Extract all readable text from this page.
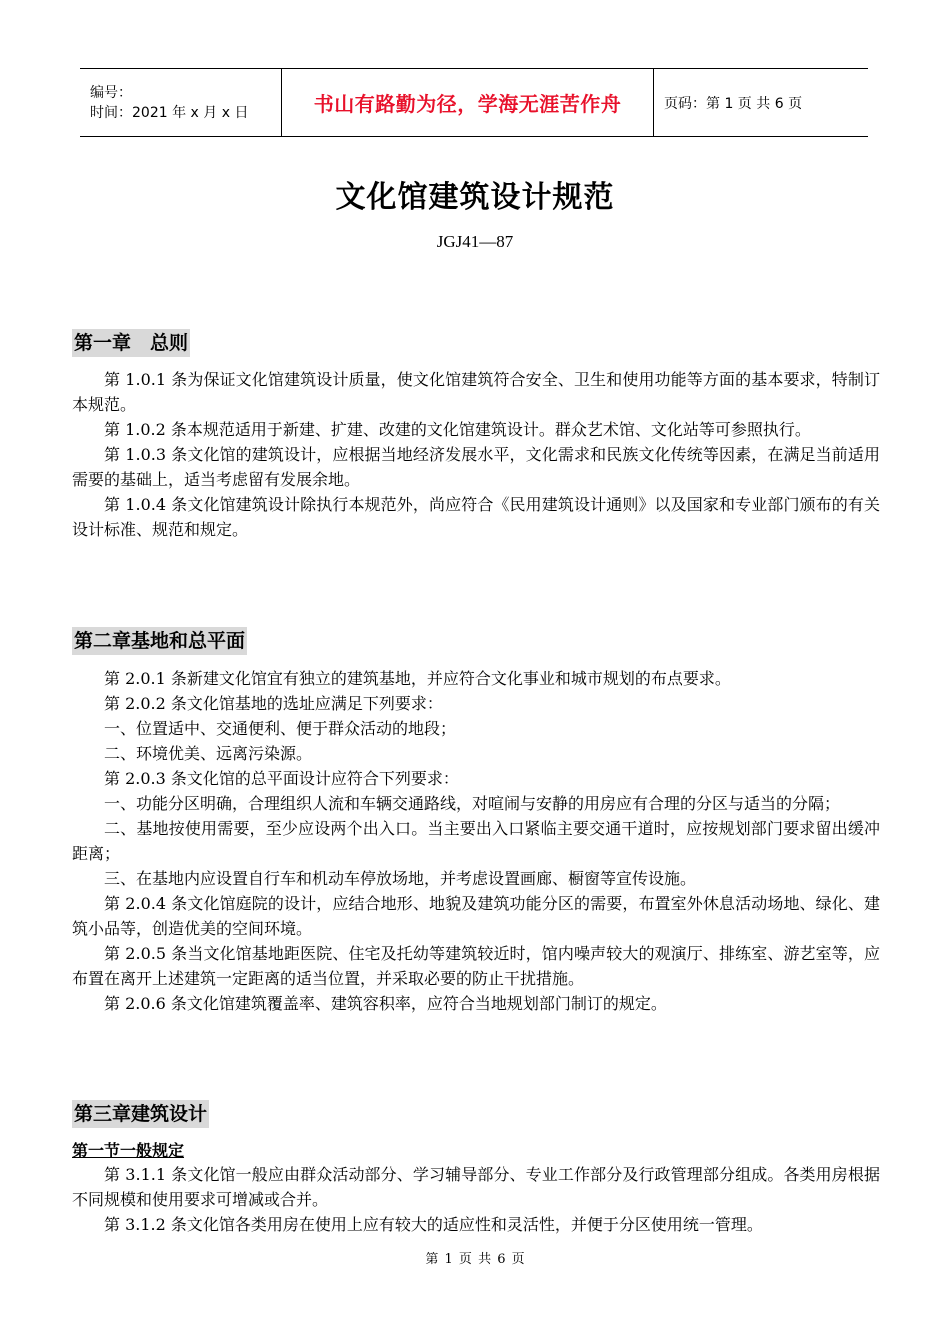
编号：
时间：2021 年 x 月 x 日	书山有路勤为径，学海无涯苦作舟	页码：第 1 页 共 6 页
文化馆建筑设计规范
JGJ41—87
第一章　总则

第 1.0.1 条为保证文化馆建筑设计质量，使文化馆建筑符合安全、卫生和使用功能等方面的基本要求，特制订本规范。

第 1.0.2 条本规范适用于新建、扩建、改建的文化馆建筑设计。群众艺术馆、文化站等可参照执行。

第 1.0.3 条文化馆的建筑设计，应根据当地经济发展水平，文化需求和民族文化传统等因素，在满足当前适用需要的基础上，适当考虑留有发展余地。

第 1.0.4 条文化馆建筑设计除执行本规范外，尚应符合《民用建筑设计通则》以及国家和专业部门颁布的有关设计标准、规范和规定。

第二章基地和总平面

第 2.0.1 条新建文化馆宜有独立的建筑基地，并应符合文化事业和城市规划的布点要求。

第 2.0.2 条文化馆基地的选址应满足下列要求：

一、位置适中、交通便利、便于群众活动的地段；

二、环境优美、远离污染源。

第 2.0.3 条文化馆的总平面设计应符合下列要求：

一、功能分区明确，合理组织人流和车辆交通路线，对喧闹与安静的用房应有合理的分区与适当的分隔；

二、基地按使用需要，至少应设两个出入口。当主要出入口紧临主要交通干道时，应按规划部门要求留出缓冲距离；

三、在基地内应设置自行车和机动车停放场地，并考虑设置画廊、橱窗等宣传设施。

第 2.0.4 条文化馆庭院的设计，应结合地形、地貌及建筑功能分区的需要，布置室外休息活动场地、绿化、建筑小品等，创造优美的空间环境。

第 2.0.5 条当文化馆基地距医院、住宅及托幼等建筑较近时，馆内噪声较大的观演厅、排练室、游艺室等，应布置在离开上述建筑一定距离的适当位置，并采取必要的防止干扰措施。

第 2.0.6 条文化馆建筑覆盖率、建筑容积率，应符合当地规划部门制订的规定。

第三章建筑设计
第一节一般规定

第 3.1.1 条文化馆一般应由群众活动部分、学习辅导部分、专业工作部分及行政管理部分组成。各类用房根据不同规模和使用要求可增减或合并。

第 3.1.2 条文化馆各类用房在使用上应有较大的适应性和灵活性，并便于分区使用统一管理。

第 1 页 共 6 页
